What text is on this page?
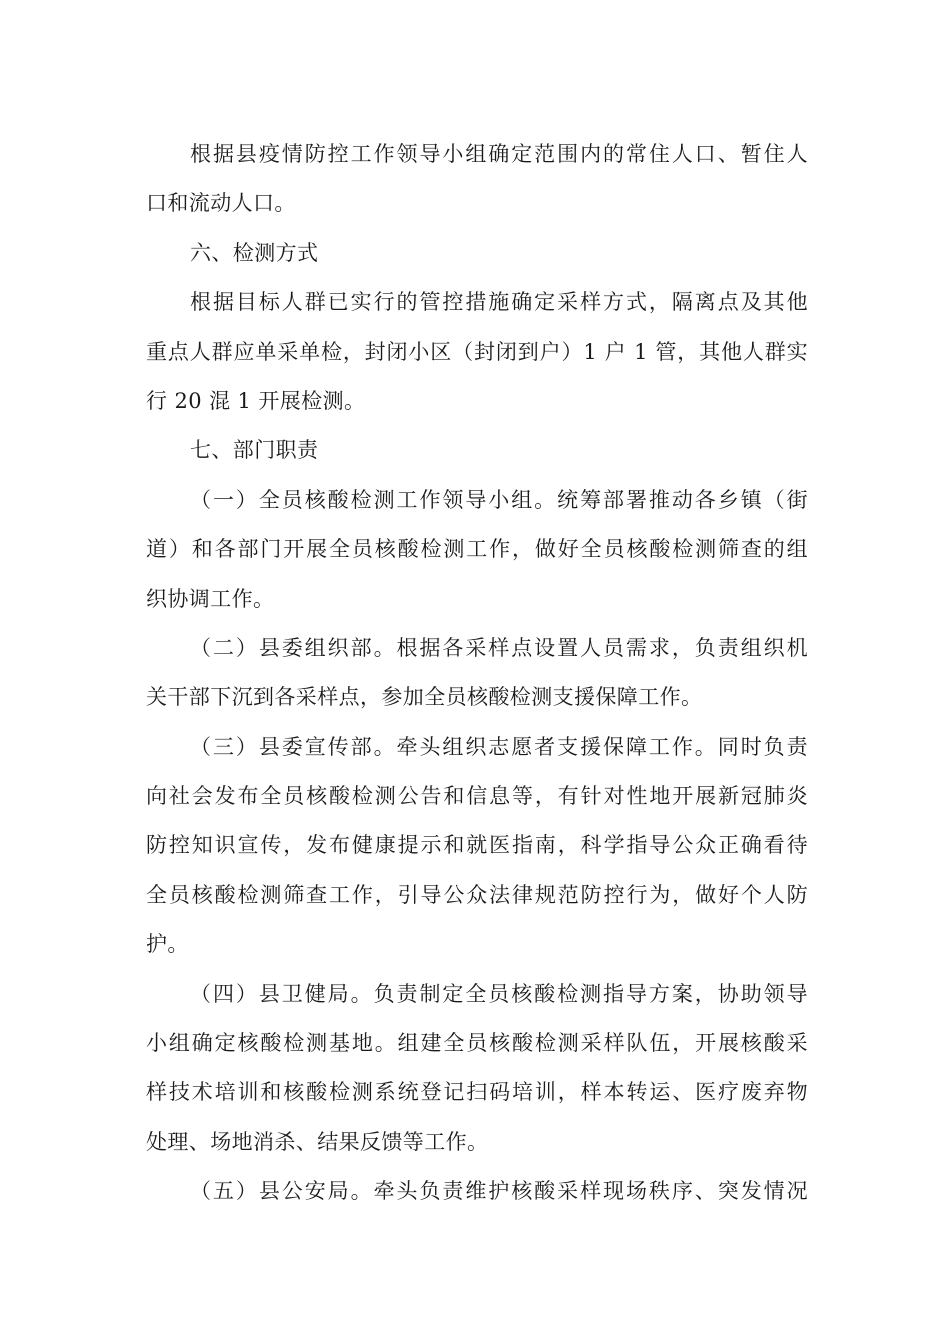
根据县疫情防控工作领导小组确定范围内的常住人口、暂住人
口和流动人口。
六、检测方式
根据目标人群已实行的管控措施确定采样方式，隔离点及其他
重点人群应单采单检，封闭小区（封闭到户）1 户 1 管，其他人群实
行 20 混 1 开展检测。
七、部门职责
（一）全员核酸检测工作领导小组。统筹部署推动各乡镇（街
道）和各部门开展全员核酸检测工作，做好全员核酸检测筛查的组
织协调工作。
（二）县委组织部。根据各采样点设置人员需求，负责组织机
关干部下沉到各采样点，参加全员核酸检测支援保障工作。
（三）县委宣传部。牵头组织志愿者支援保障工作。同时负责
向社会发布全员核酸检测公告和信息等，有针对性地开展新冠肺炎
防控知识宣传，发布健康提示和就医指南，科学指导公众正确看待
全员核酸检测筛查工作，引导公众法律规范防控行为，做好个人防
护。
（四）县卫健局。负责制定全员核酸检测指导方案，协助领导
小组确定核酸检测基地。组建全员核酸检测采样队伍，开展核酸采
样技术培训和核酸检测系统登记扫码培训，样本转运、医疗废弃物
处理、场地消杀、结果反馈等工作。
（五）县公安局。牵头负责维护核酸采样现场秩序、突发情况
